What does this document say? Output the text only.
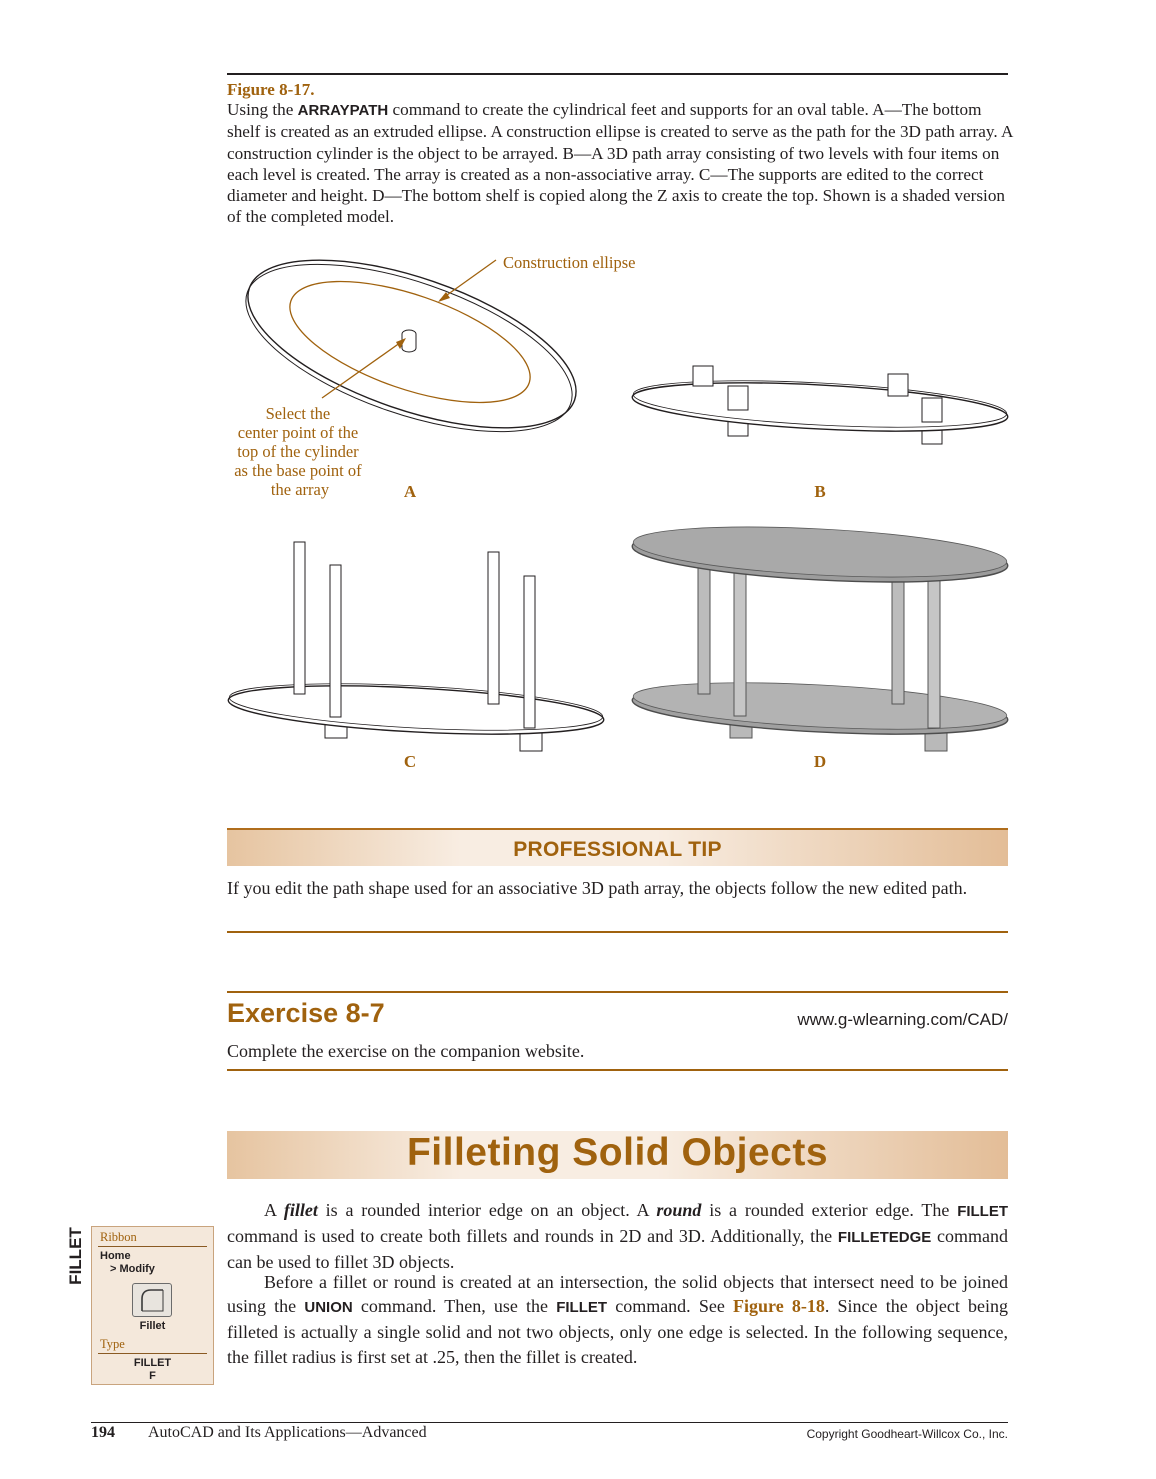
Figure 8-17.
Using the ARRAYPATH command to create the cylindrical feet and supports for an oval table. A—The bottom shelf is created as an extruded ellipse. A construction ellipse is created to serve as the path for the 3D path array. A construction cylinder is the object to be arrayed. B—A 3D path array consisting of two levels with four items on each level is created. The array is created as a non-associative array. C—The supports are edited to the correct diameter and height. D—The bottom shelf is copied along the Z axis to create the top. Shown is a shaded version of the completed model.
Construction ellipse
Select the center point of the top of the cylinder as the base point of the array	A	B
C	D
PROFESSIONAL TIP
If you edit the path shape used for an associative 3D path array, the objects follow the new edited path.
Exercise 8-7	www.g-wlearning.com/CAD/
Complete the exercise on the companion website.
Filleting Solid Objects
A fillet is a rounded interior edge on an object. A round is a rounded exterior edge. The FILLET command is used to create both fillets and rounds in 2D and 3D. Additionally, the FILLETEDGE command can be used to fillet 3D objects.
Before a fillet or round is created at an intersection, the solid objects that intersect need to be joined using the UNION command. Then, use the FILLET command. See Figure 8-18. Since the object being filleted is actually a single solid and not two objects, only one edge is selected. In the following sequence, the fillet radius is first set at .25, then the fillet is created.
FILLET Ribbon
Home
> Modify
Fillet
Type
FILLET
F
194 AutoCAD and Its Applications—Advanced	Copyright Goodheart-Willcox Co., Inc.
